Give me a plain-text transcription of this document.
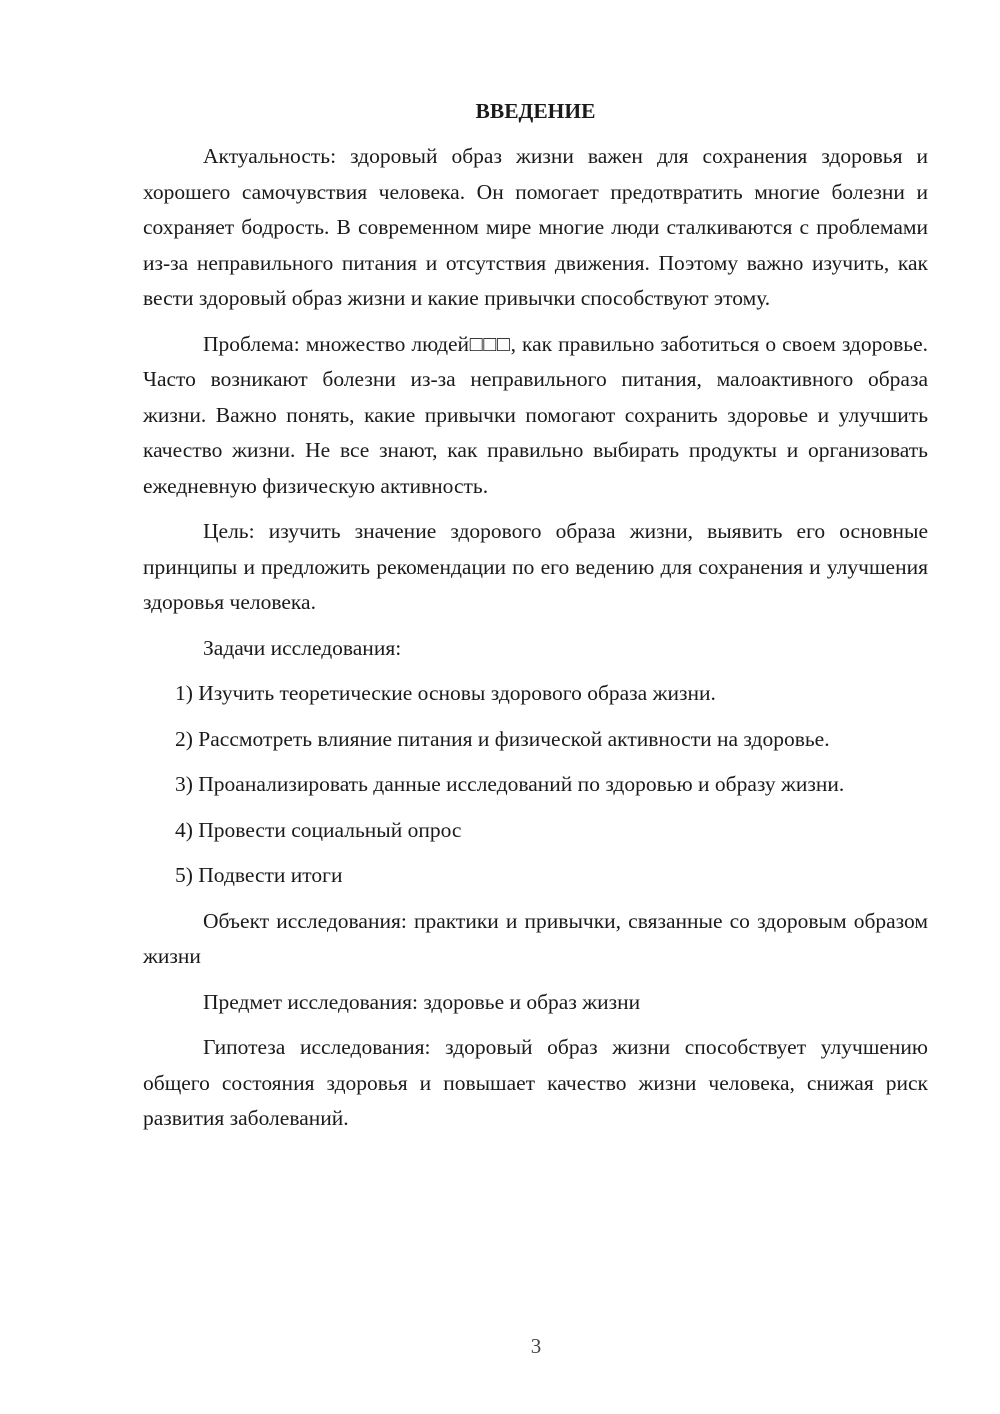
ВВЕДЕНИЕ

Актуальность: здоровый образ жизни важен для сохранения здоровья и хорошего самочувствия человека. Он помогает предотвратить многие болезни и сохраняет бодрость. В современном мире многие люди сталкиваются с проблемами из-за неправильного питания и отсутствия движения. Поэтому важно изучить, как вести здоровый образ жизни и какие привычки способствуют этому.

Проблема: множество людей□□□, как правильно заботиться о своем здоровье. Часто возникают болезни из-за неправильного питания, малоактивного образа жизни. Важно понять, какие привычки помогают сохранить здоровье и улучшить качество жизни. Не все знают, как правильно выбирать продукты и организовать ежедневную физическую активность.

Цель: изучить значение здорового образа жизни, выявить его основные принципы и предложить рекомендации по его ведению для сохранения и улучшения здоровья человека.

Задачи исследования:

1) Изучить теоретические основы здорового образа жизни.

2) Рассмотреть влияние питания и физической активности на здоровье.

3) Проанализировать данные исследований по здоровью и образу жизни.

4) Провести социальный опрос

5) Подвести итоги

Объект исследования: практики и привычки, связанные со здоровым образом жизни

Предмет исследования: здоровье и образ жизни

Гипотеза исследования: здоровый образ жизни способствует улучшению общего состояния здоровья и повышает качество жизни человека, снижая риск развития заболеваний.

3
